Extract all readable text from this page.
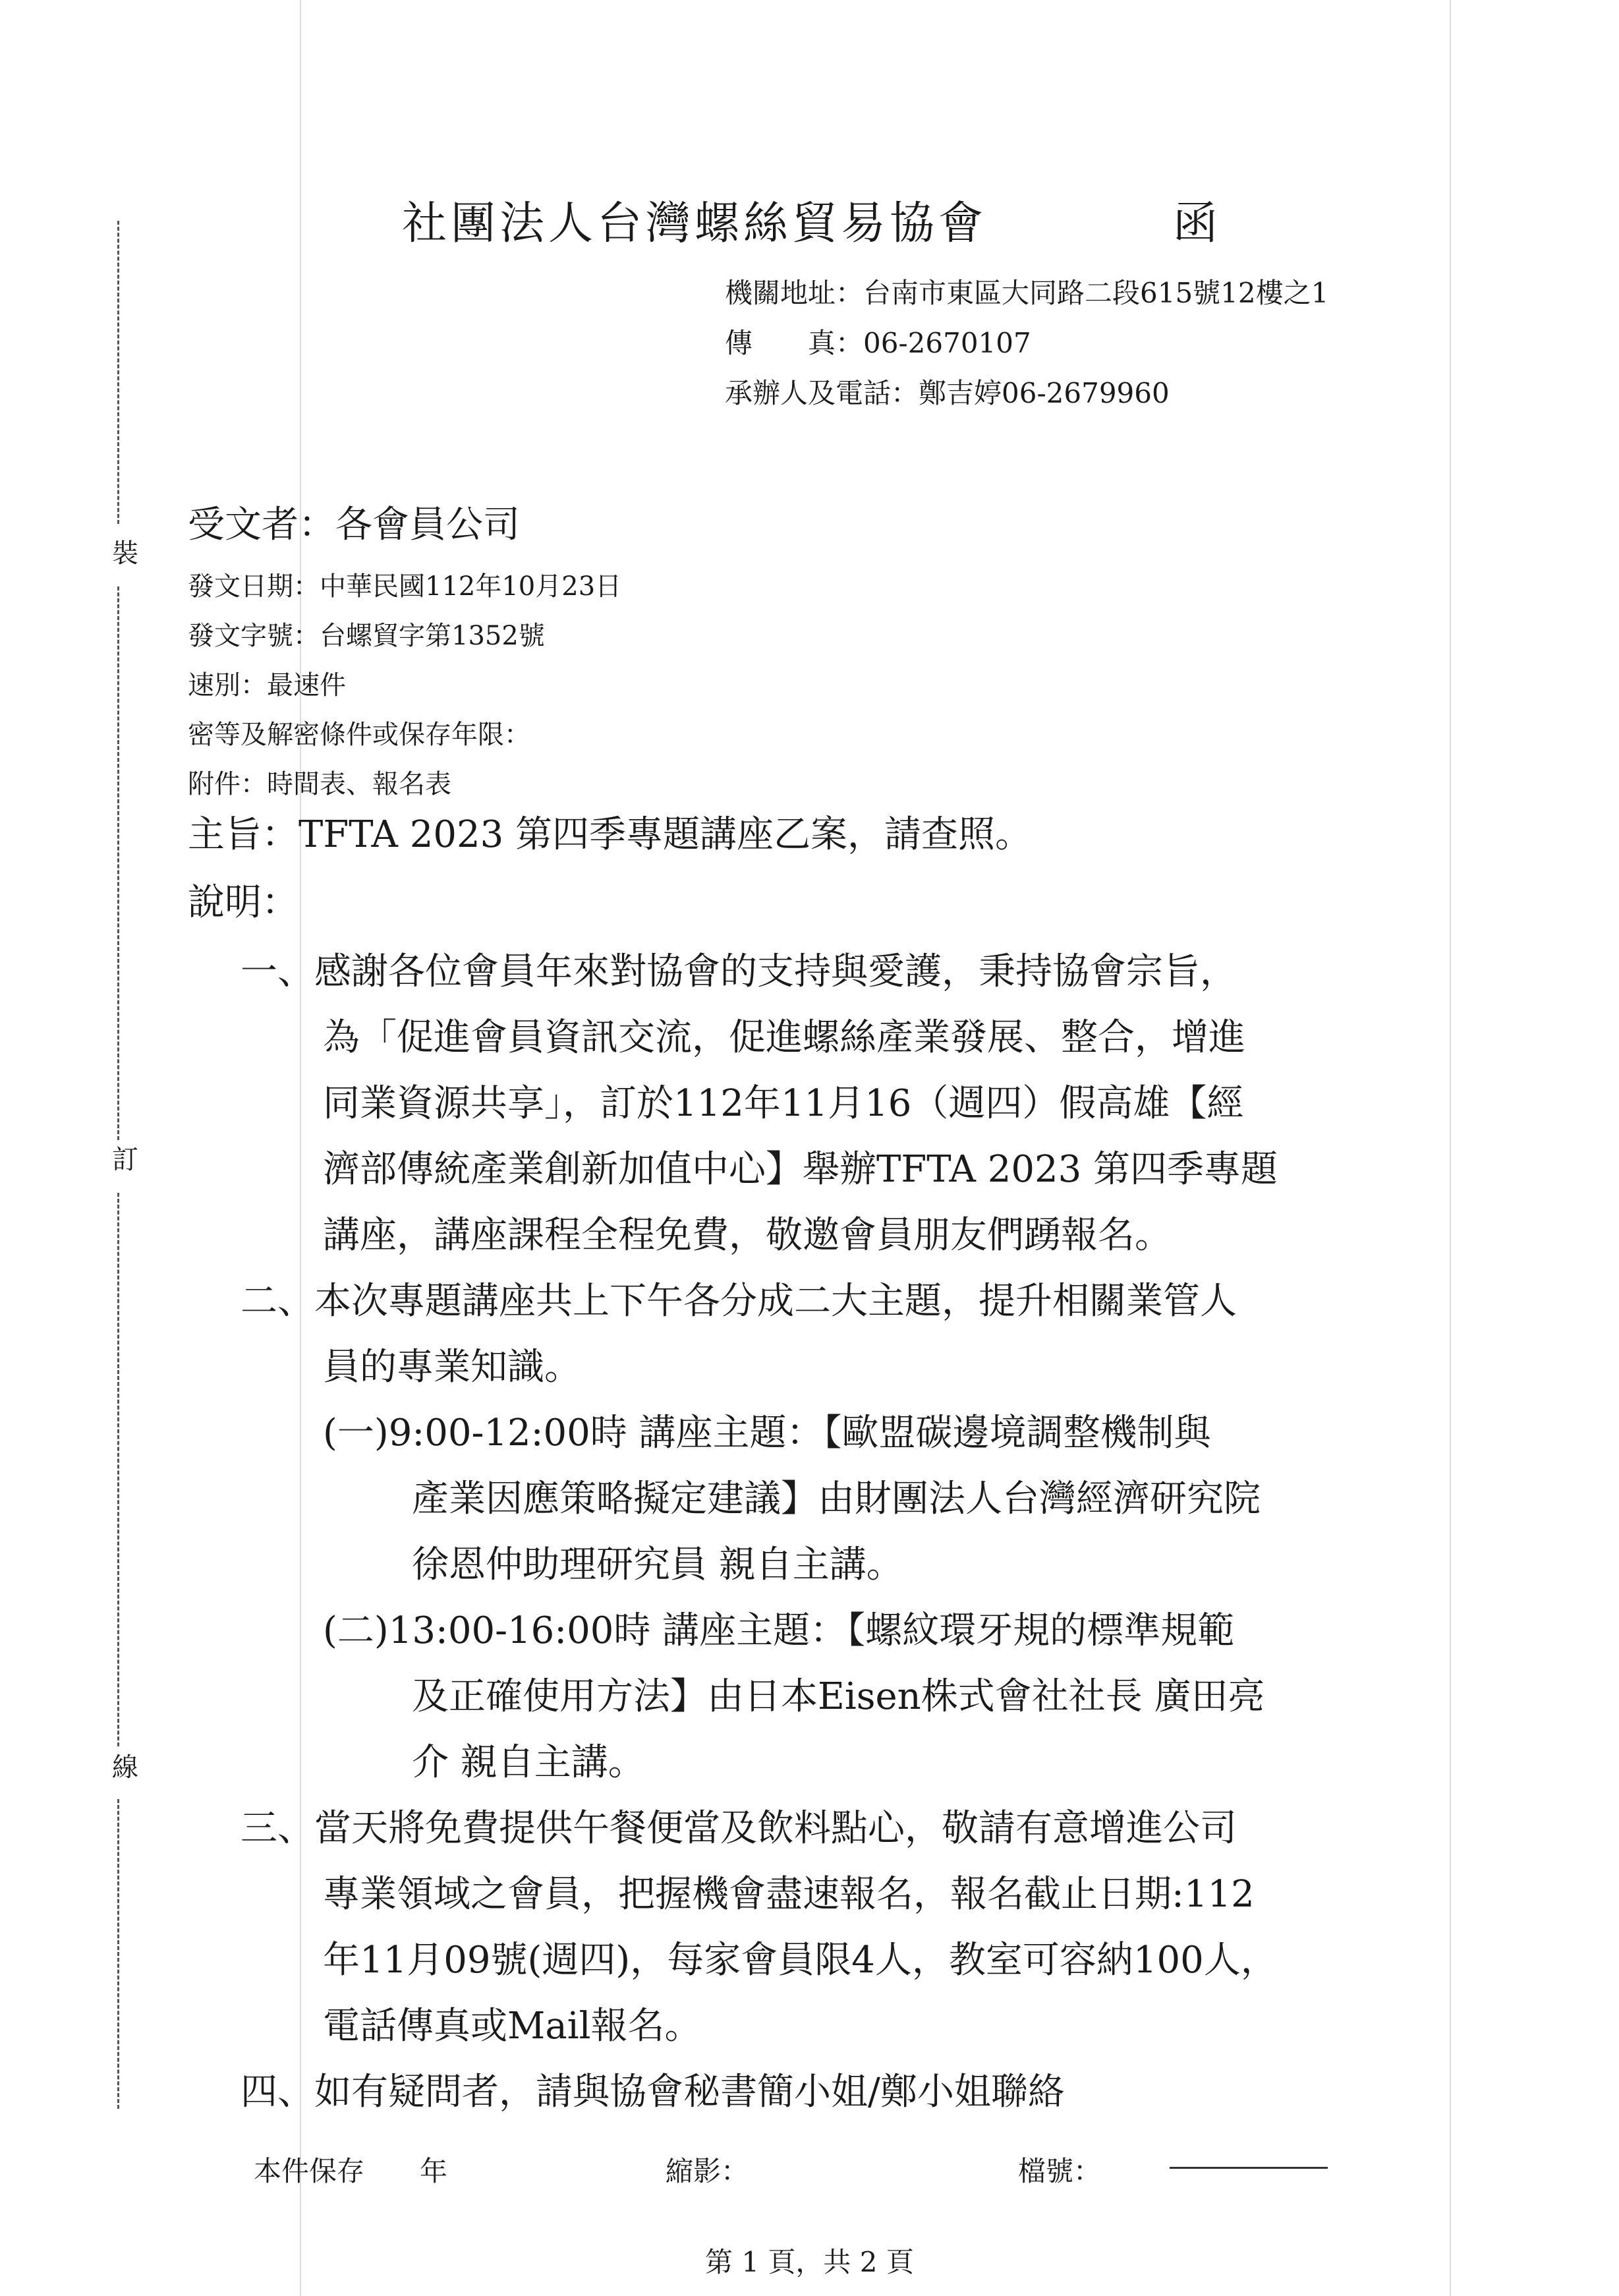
裝
訂
線
社團法人台灣螺絲貿易協會	函
機關地址：台南市東區大同路二段615號12樓之1
傳　　真：06-2670107
承辦人及電話：鄭吉婷06-2679960
受文者：各會員公司
發文日期：中華民國112年10月23日
發文字號：台螺貿字第1352號
速別：最速件
密等及解密條件或保存年限：
附件：時間表、報名表
主旨：TFTA 2023 第四季專題講座乙案，請查照。
說明：
一、感謝各位會員年來對協會的支持與愛護，秉持協會宗旨，
為「促進會員資訊交流，促進螺絲產業發展、整合，增進
同業資源共享」，訂於112年11月16（週四）假高雄【經
濟部傳統產業創新加值中心】舉辦TFTA 2023 第四季專題
講座，講座課程全程免費，敬邀會員朋友們踴報名。
二、本次專題講座共上下午各分成二大主題，提升相關業管人
員的專業知識。
(一)9:00-12:00時 講座主題：【歐盟碳邊境調整機制與
產業因應策略擬定建議】由財團法人台灣經濟研究院
徐恩仲助理研究員 親自主講。
(二)13:00-16:00時 講座主題：【螺紋環牙規的標準規範
及正確使用方法】由日本Eisen株式會社社長 廣田亮
介 親自主講。
三、當天將免費提供午餐便當及飲料點心，敬請有意增進公司
專業領域之會員，把握機會盡速報名，報名截止日期:112
年11月09號(週四)，每家會員限4人，教室可容納100人，
電話傳真或Mail報名。
四、如有疑問者，請與協會秘書簡小姐/鄭小姐聯絡
本件保存　　年	縮影：	檔號：
第 1 頁，共 2 頁
